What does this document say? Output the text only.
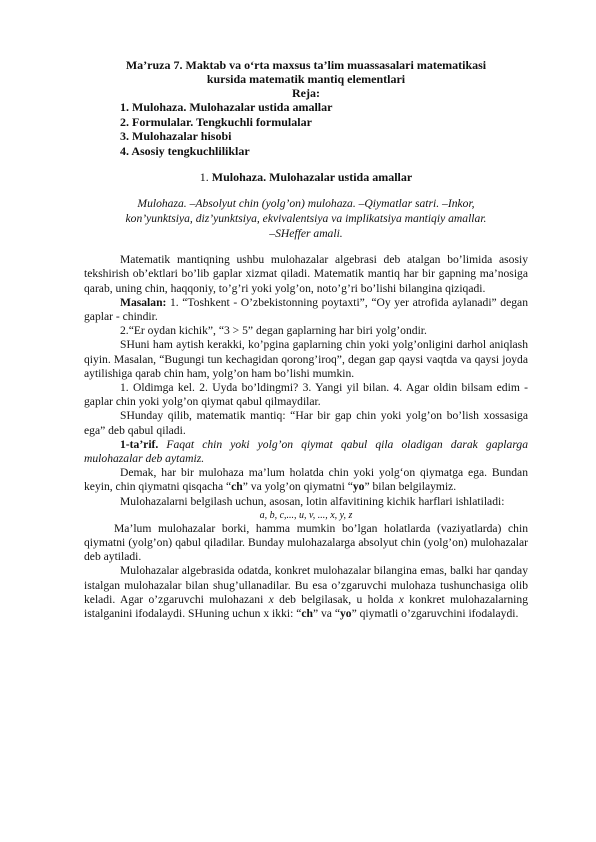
Ma’ruza 7. Maktab va o‘rta maxsus ta’lim muassasalari matematikasi
kursida matematik mantiq elementlari
Reja:
1. Mulohaza. Mulohazalar ustida amallar
2. Formulalar. Tengkuchli formulalar
3. Mulohazalar hisobi
4. Asosiy tengkuchliliklar
1. Mulohaza. Mulohazalar ustida amallar
Mulohaza. –Absolyut chin (yolg’on) mulohaza. –Qiymatlar satri. –Inkor,
kon’yunktsiya, diz’yunktsiya, ekvivalentsiya va implikatsiya mantiqiy amallar.
–SHeffer amali.

Matematik mantiqning ushbu mulohazalar algebrasi deb atalgan bo’limida asosiy tekshirish ob’ektlari bo’lib gaplar xizmat qiladi. Matematik mantiq har bir gapning ma’nosiga qarab, uning chin, haqqoniy, to’g’ri yoki yolg’on, noto’g’ri bo’lishi bilangina qiziqadi.

Masalan: 1. “Toshkent - O’zbekistonning poytaxti”, “Oy yer atrofida aylanadi” degan gaplar - chindir.

2.“Er oydan kichik”, “3 > 5” degan gaplarning har biri yolg’ondir.

SHuni ham aytish kerakki, ko’pgina gaplarning chin yoki yolg’onligini darhol aniqlash qiyin. Masalan, “Bugungi tun kechagidan qorong’iroq”, degan gap qaysi vaqtda va qaysi joyda aytilishiga qarab chin ham, yolg’on ham bo’lishi mumkin.

1. Oldimga kel. 2. Uyda bo’ldingmi? 3. Yangi yil bilan. 4. Agar oldin bilsam edim - gaplar chin yoki yolg’on qiymat qabul qilmaydilar.

SHunday qilib, matematik mantiq: “Har bir gap chin yoki yolg’on bo’lish xossasiga ega” deb qabul qiladi.

1-ta’rif. Faqat chin yoki yolg’on qiymat qabul qila oladigan darak gaplarga mulohazalar deb aytamiz.

Demak, har bir mulohaza ma’lum holatda chin yoki yolg‘on qiymatga ega. Bundan keyin, chin qiymatni qisqacha “ch” va yolg’on qiymatni “yo” bilan belgilaymiz.

Mulohazalarni belgilash uchun, asosan, lotin alfavitining kichik harflari ishlatiladi:

a, b, c,..., u, v, ..., x, y, z

Ma’lum mulohazalar borki, hamma mumkin bo’lgan holatlarda (vaziyatlarda) chin qiymatni (yolg’on) qabul qiladilar. Bunday mulohazalarga absolyut chin (yolg’on) mulohazalar deb aytiladi.

Mulohazalar algebrasida odatda, konkret mulohazalar bilangina emas, balki har qanday istalgan mulohazalar bilan shug’ullanadilar. Bu esa o’zgaruvchi mulohaza tushunchasiga olib keladi. Agar o’zgaruvchi mulohazani x deb belgilasak, u holda x konkret mulohazalarning istalganini ifodalaydi. SHuning uchun x ikki: “ch” va “yo” qiymatli o’zgaruvchini ifodalaydi.
